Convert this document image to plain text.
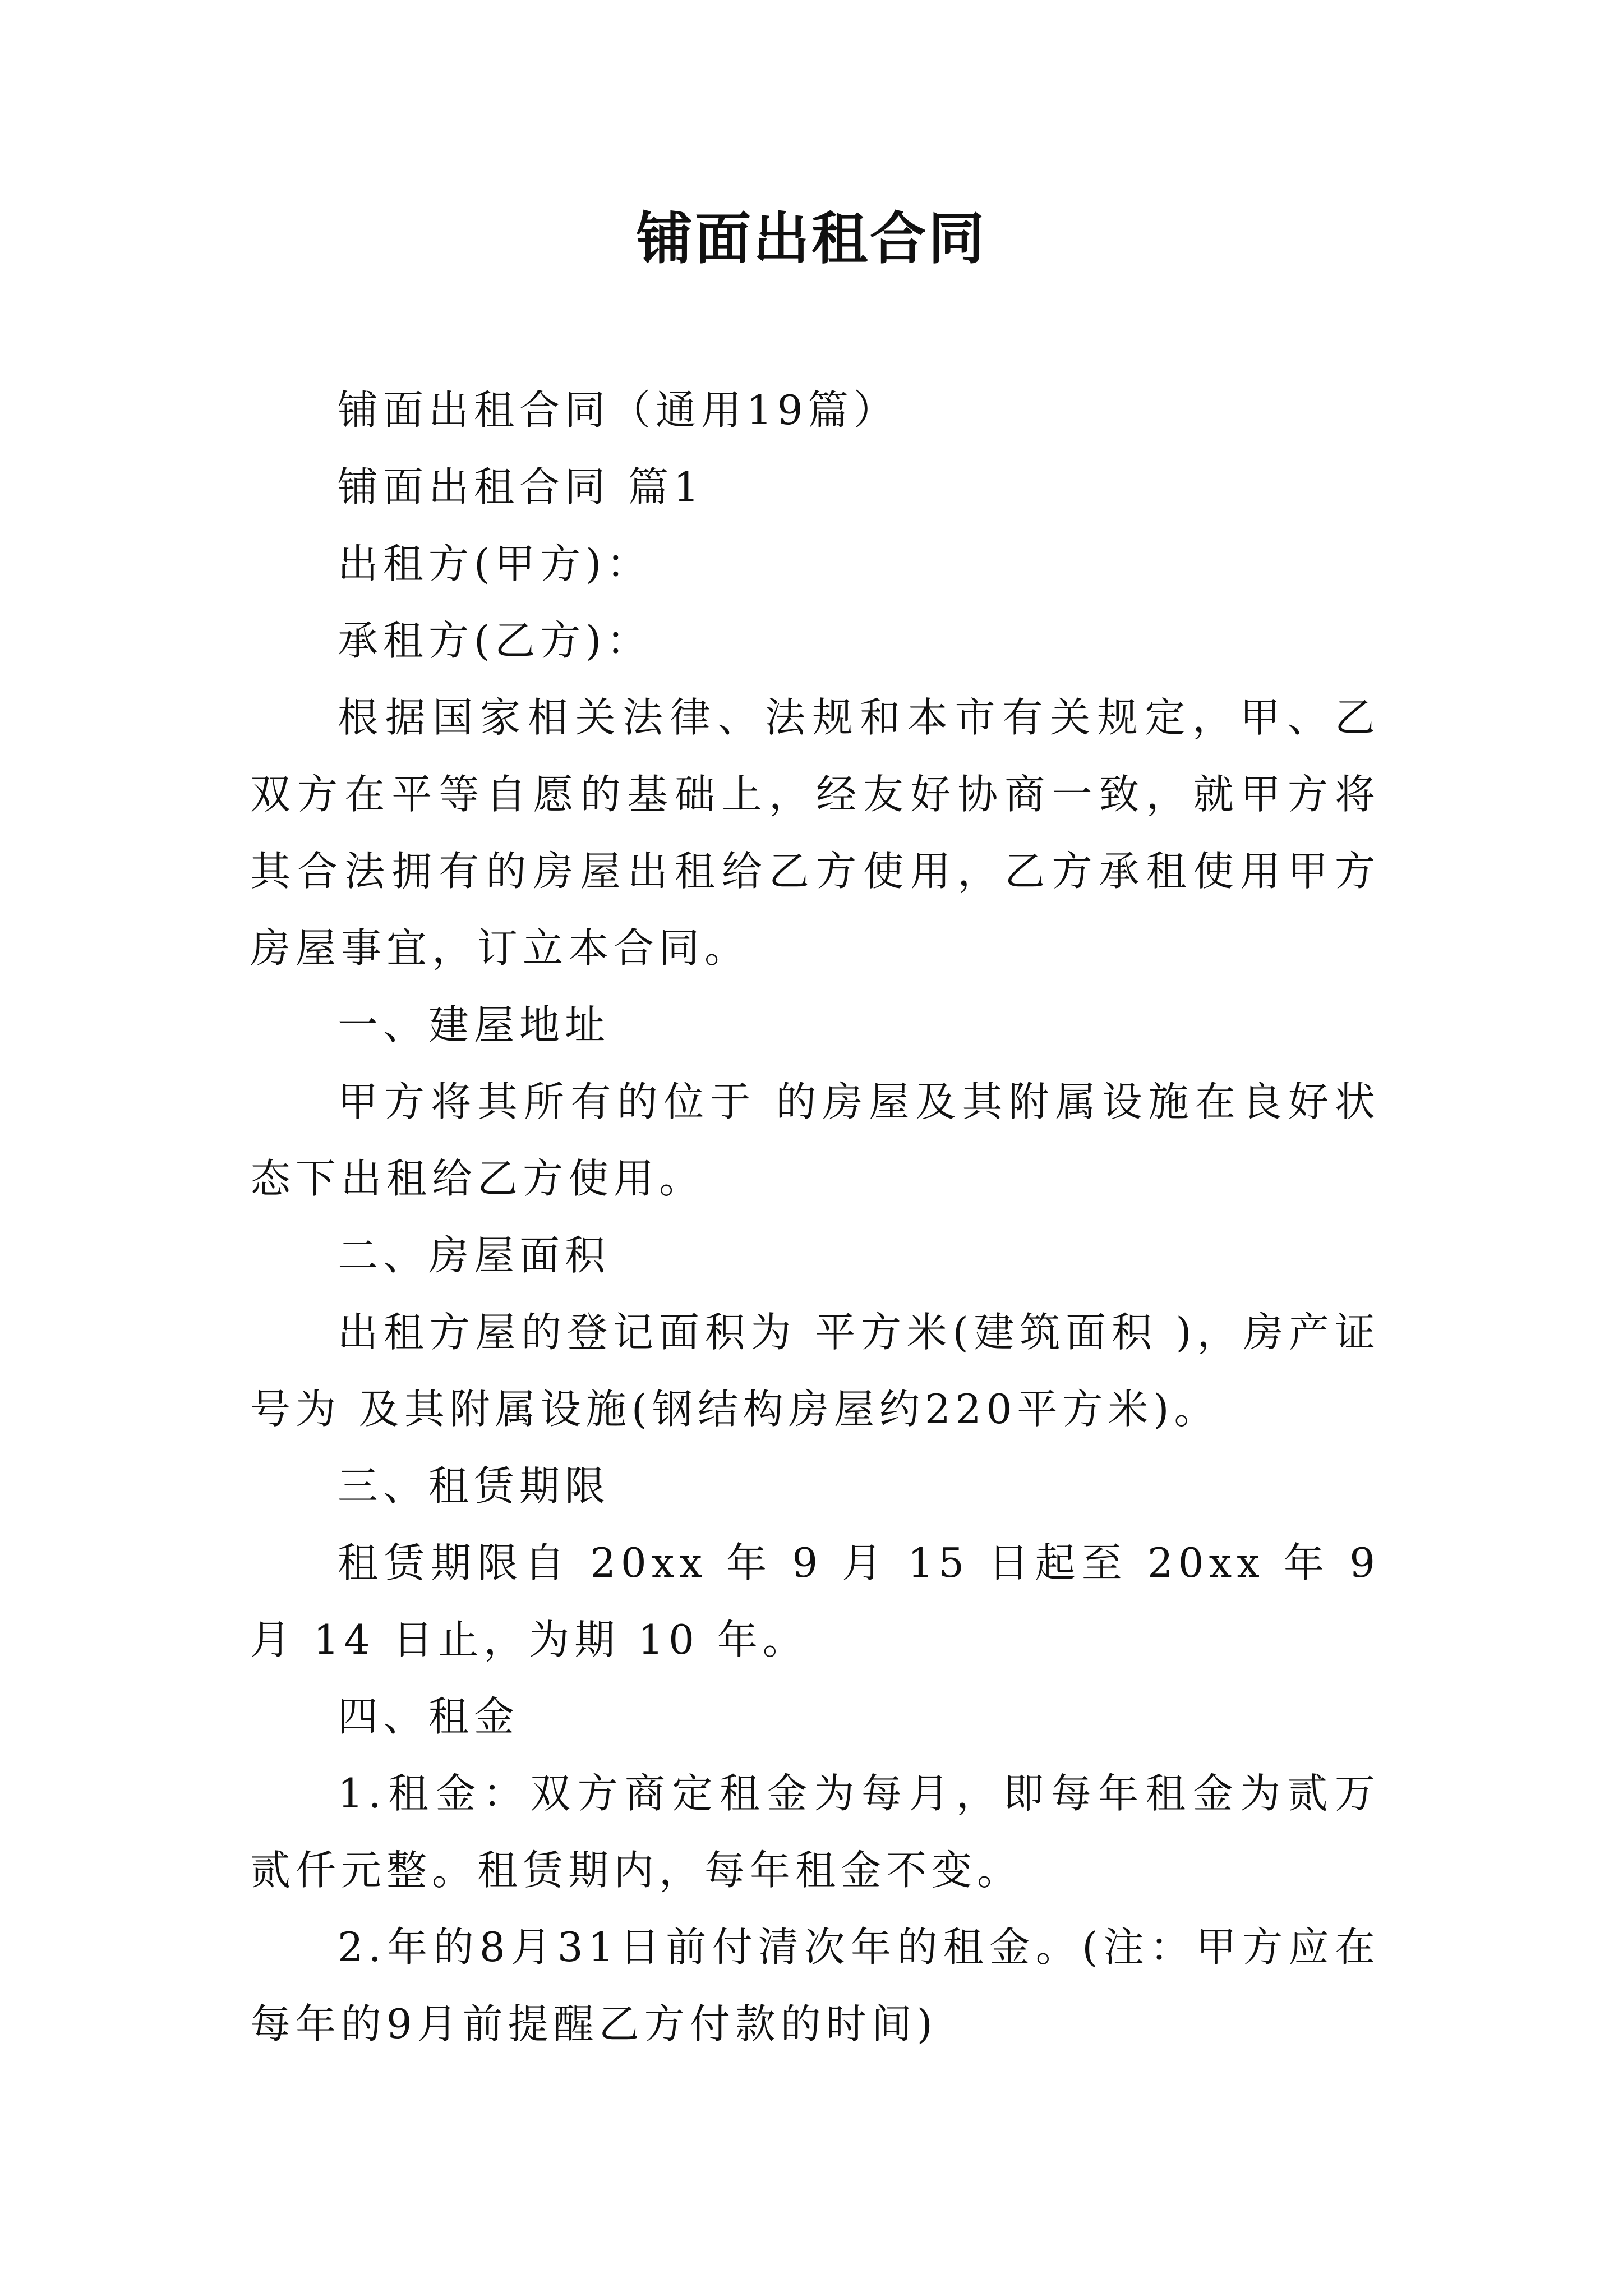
铺面出租合同

铺面出租合同（通用19篇）

铺面出租合同 篇1

出租方(甲方)：

承租方(乙方)：

根据国家相关法律、法规和本市有关规定，甲、乙双方在平等自愿的基础上，经友好协商一致，就甲方将其合法拥有的房屋出租给乙方使用，乙方承租使用甲方房屋事宜，订立本合同。

一、建屋地址

甲方将其所有的位于 的房屋及其附属设施在良好状态下出租给乙方使用。

二、房屋面积

出租方屋的登记面积为 平方米(建筑面积 )，房产证号为 及其附属设施(钢结构房屋约220平方米)。

三、租赁期限

租赁期限自 20xx 年 9 月 15 日起至 20xx 年 9 月 14 日止，为期 10 年。

四、租金

1.租金：双方商定租金为每月，即每年租金为贰万贰仟元整。租赁期内，每年租金不变。

2.年的8月31日前付清次年的租金。(注：甲方应在每年的9月前提醒乙方付款的时间)
